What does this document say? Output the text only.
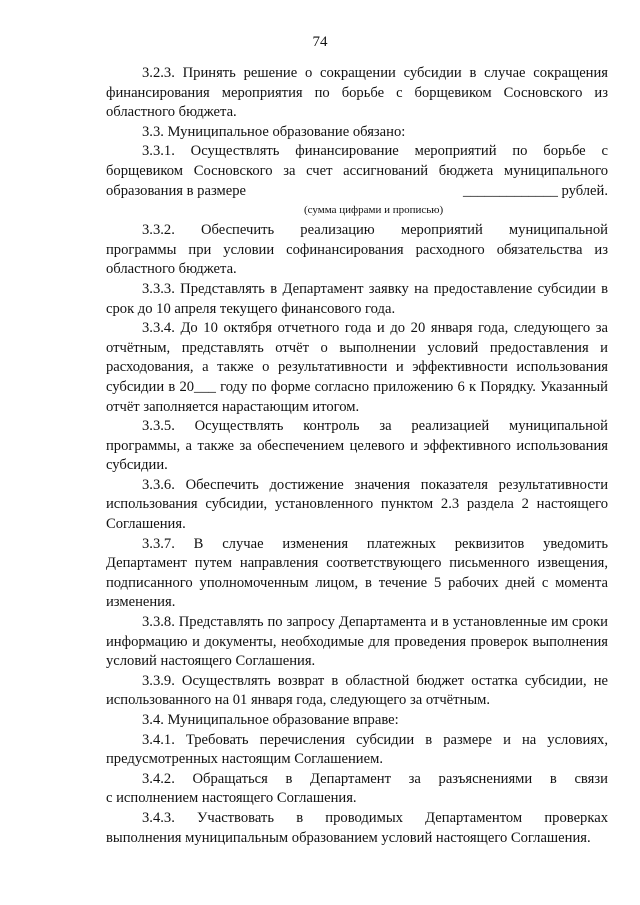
74

3.2.3. Принять решение о сокращении субсидии в случае сокращения финансирования мероприятия по борьбе с борщевиком Сосновского из областного бюджета.

3.3. Муниципальное образование обязано:

3.3.1. Осуществлять финансирование мероприятий по борьбе с
борщевиком Сосновского за счет ассигнований бюджета муниципального
образования в размере	_____________ рублей.
(сумма цифрами и прописью)
3.3.2. Обеспечить реализацию мероприятий муниципальной

программы при условии софинансирования расходного обязательства из областного бюджета.

3.3.3. Представлять в Департамент заявку на предоставление субсидии в срок до 10 апреля текущего финансового года.

3.3.4. До 10 октября отчетного года и до 20 января года, следующего за отчётным, представлять отчёт о выполнении условий предоставления и расходования, а также о результативности и эффективности использования субсидии в 20___ году по форме согласно приложению 6 к Порядку. Указанный отчёт заполняется нарастающим итогом.

3.3.5. Осуществлять контроль за реализацией муниципальной

программы, а также за обеспечением целевого и эффективного использования субсидии.

3.3.6. Обеспечить достижение значения показателя результативности использования субсидии, установленного пунктом 2.3 раздела 2 настоящего Соглашения.

3.3.7. В случае изменения платежных реквизитов уведомить

Департамент путем направления соответствующего письменного извещения, подписанного уполномоченным лицом, в течение 5 рабочих дней с момента изменения.

3.3.8. Представлять по запросу Департамента и в установленные им сроки информацию и документы, необходимые для проведения проверок выполнения условий настоящего Соглашения.

3.3.9. Осуществлять возврат в областной бюджет остатка субсидии, не использованного на 01 января года, следующего за отчётным.

3.4. Муниципальное образование вправе:

3.4.1. Требовать перечисления субсидии в размере и на условиях, предусмотренных настоящим Соглашением.

3.4.2. Обращаться в Департамент за разъяснениями в связи

с исполнением настоящего Соглашения.

3.4.3. Участвовать в проводимых Департаментом проверках

выполнения муниципальным образованием условий настоящего Соглашения.
